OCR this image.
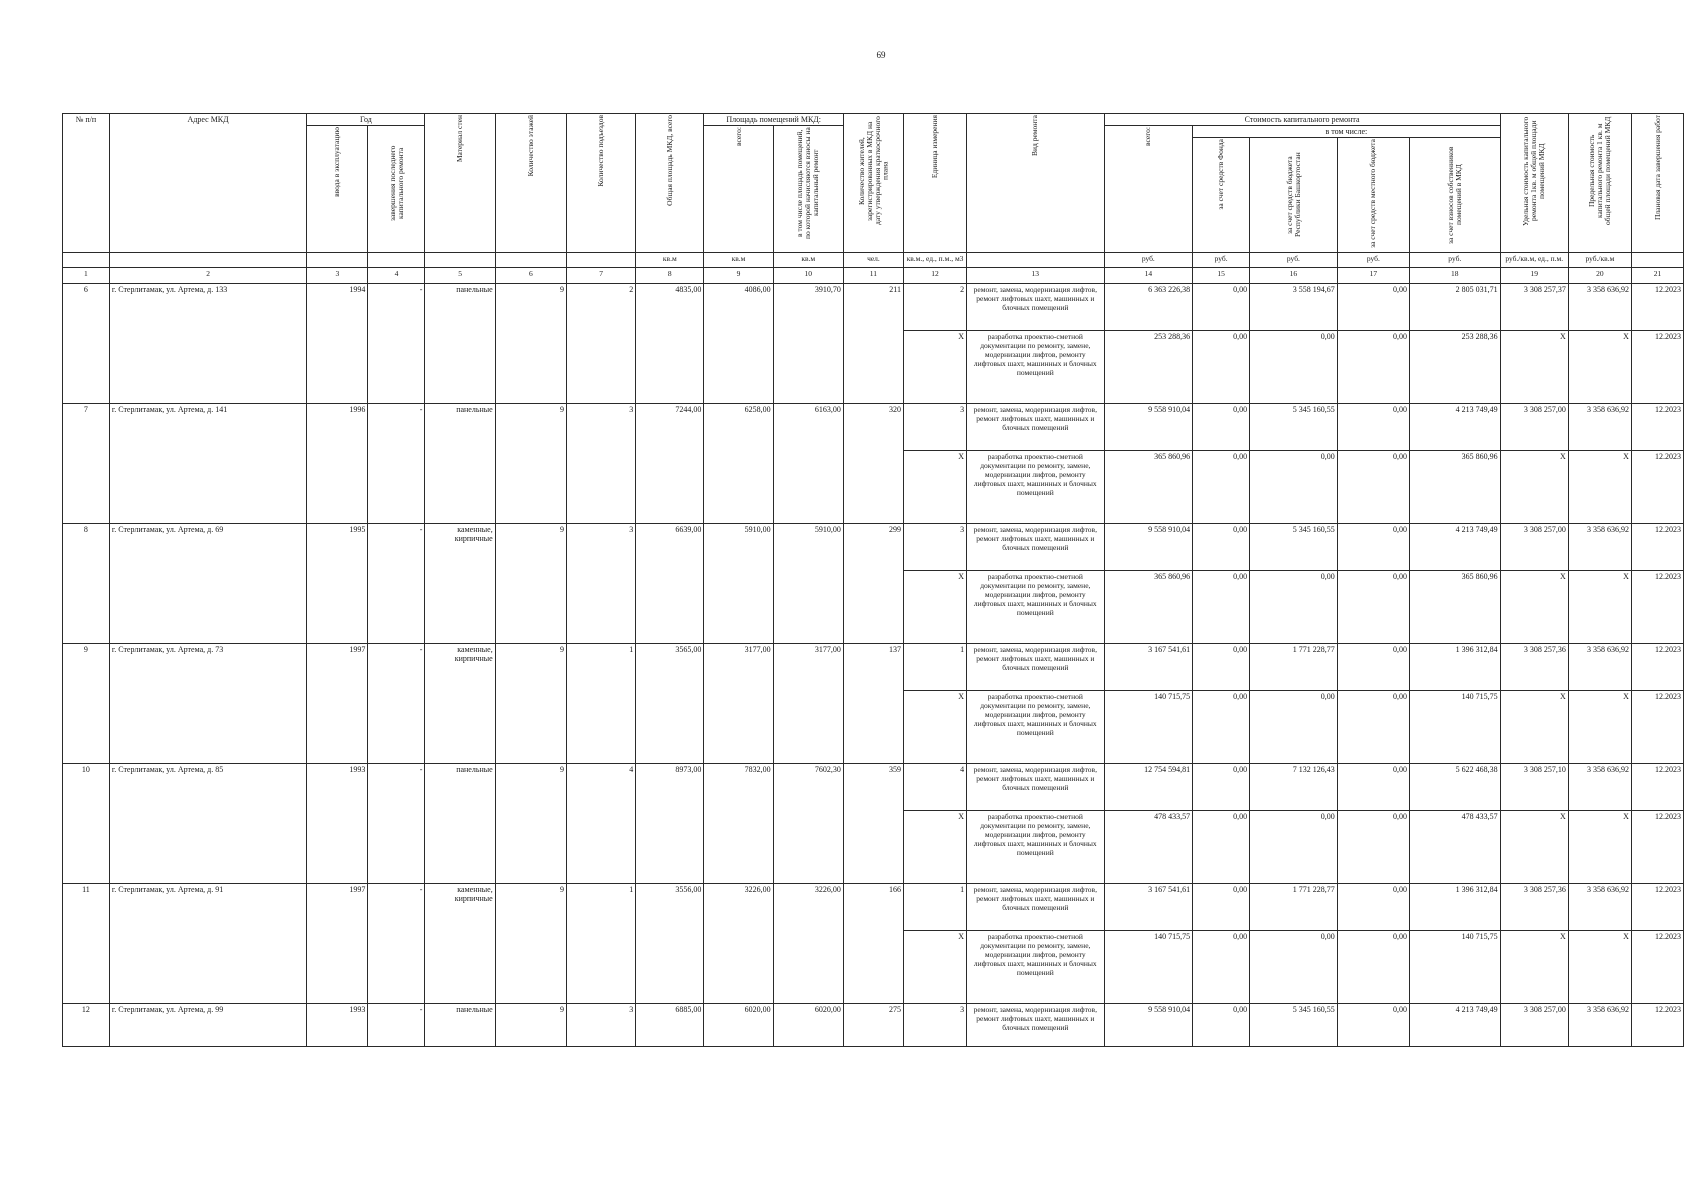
69
№ п/п	Адрес МКД	Год		Материал стен	Количество этажей	Количество подъездов	Общая площадь МКД, всего	Площадь помещений МКД:		Количество жителей, зарегистрированных в МКД на дату утверждения краткосрочного плана	Единица измерения	Вид ремонта	Стоимость капитального ремонта					Удельная стоимость капитального ремонта 1кв. м общей площади помещений МКД	Предельная стоимость капитального ремонта 1 кв. м общей площади помещений МКД	Плановая дата завершения работ

		ввода в эксплуатацию	завершения последнего капитального ремонта					всего:	в том числе площадь помещений, по которой начисляются взносы на капитальный ремонт				всего:	в том числе:						

														за счет средств Фонда	за счет средств бюджета Республики Башкортостан	за счет средств местного бюджета	за счет взносов собственников помещений в МКД			

							кв.м	кв.м	кв.м	чел.	кв.м., ед., п.м., м3		руб.	руб.	руб.	руб.	руб.	руб./кв.м, ед., п.м.	руб./кв.м	
1	2	3	4	5	6	7	8	9	10	11	12	13	14	15	16	17	18	19	20	21
6	г. Стерлитамак, ул. Артема, д. 133	1994	-	панельные	9	2	4835,00	4086,00	3910,70	211	2	ремонт, замена, модернизация лифтов, ремонт лифтовых шахт, машинных и блочных помещений	6 363 226,38	0,00	3 558 194,67	0,00	2 805 031,71	3 308 257,37	3 358 636,92	12.2023
											X	разработка проектно-сметной документации по ремонту, замене, модернизации лифтов, ремонту лифтовых шахт, машинных и блочных помещений	253 288,36	0,00	0,00	0,00	253 288,36	X	X	12.2023
7	г. Стерлитамак, ул. Артема, д. 141	1996	-	панельные	9	3	7244,00	6258,00	6163,00	320	3	ремонт, замена, модернизация лифтов, ремонт лифтовых шахт, машинных и блочных помещений	9 558 910,04	0,00	5 345 160,55	0,00	4 213 749,49	3 308 257,00	3 358 636,92	12.2023
											X	разработка проектно-сметной документации по ремонту, замене, модернизации лифтов, ремонту лифтовых шахт, машинных и блочных помещений	365 860,96	0,00	0,00	0,00	365 860,96	X	X	12.2023
8	г. Стерлитамак, ул. Артема, д. 69	1995	-	каменные, кирпичные	9	3	6639,00	5910,00	5910,00	299	3	ремонт, замена, модернизация лифтов, ремонт лифтовых шахт, машинных и блочных помещений	9 558 910,04	0,00	5 345 160,55	0,00	4 213 749,49	3 308 257,00	3 358 636,92	12.2023
											X	разработка проектно-сметной документации по ремонту, замене, модернизации лифтов, ремонту лифтовых шахт, машинных и блочных помещений	365 860,96	0,00	0,00	0,00	365 860,96	X	X	12.2023
9	г. Стерлитамак, ул. Артема, д. 73	1997	-	каменные, кирпичные	9	1	3565,00	3177,00	3177,00	137	1	ремонт, замена, модернизация лифтов, ремонт лифтовых шахт, машинных и блочных помещений	3 167 541,61	0,00	1 771 228,77	0,00	1 396 312,84	3 308 257,36	3 358 636,92	12.2023
											X	разработка проектно-сметной документации по ремонту, замене, модернизации лифтов, ремонту лифтовых шахт, машинных и блочных помещений	140 715,75	0,00	0,00	0,00	140 715,75	X	X	12.2023
10	г. Стерлитамак, ул. Артема, д. 85	1993	-	панельные	9	4	8973,00	7832,00	7602,30	359	4	ремонт, замена, модернизация лифтов, ремонт лифтовых шахт, машинных и блочных помещений	12 754 594,81	0,00	7 132 126,43	0,00	5 622 468,38	3 308 257,10	3 358 636,92	12.2023
											X	разработка проектно-сметной документации по ремонту, замене, модернизации лифтов, ремонту лифтовых шахт, машинных и блочных помещений	478 433,57	0,00	0,00	0,00	478 433,57	X	X	12.2023
11	г. Стерлитамак, ул. Артема, д. 91	1997	-	каменные, кирпичные	9	1	3556,00	3226,00	3226,00	166	1	ремонт, замена, модернизация лифтов, ремонт лифтовых шахт, машинных и блочных помещений	3 167 541,61	0,00	1 771 228,77	0,00	1 396 312,84	3 308 257,36	3 358 636,92	12.2023
											X	разработка проектно-сметной документации по ремонту, замене, модернизации лифтов, ремонту лифтовых шахт, машинных и блочных помещений	140 715,75	0,00	0,00	0,00	140 715,75	X	X	12.2023
12	г. Стерлитамак, ул. Артема, д. 99	1993	-	панельные	9	3	6885,00	6020,00	6020,00	275	3	ремонт, замена, модернизация лифтов, ремонт лифтовых шахт, машинных и блочных помещений	9 558 910,04	0,00	5 345 160,55	0,00	4 213 749,49	3 308 257,00	3 358 636,92	12.2023
